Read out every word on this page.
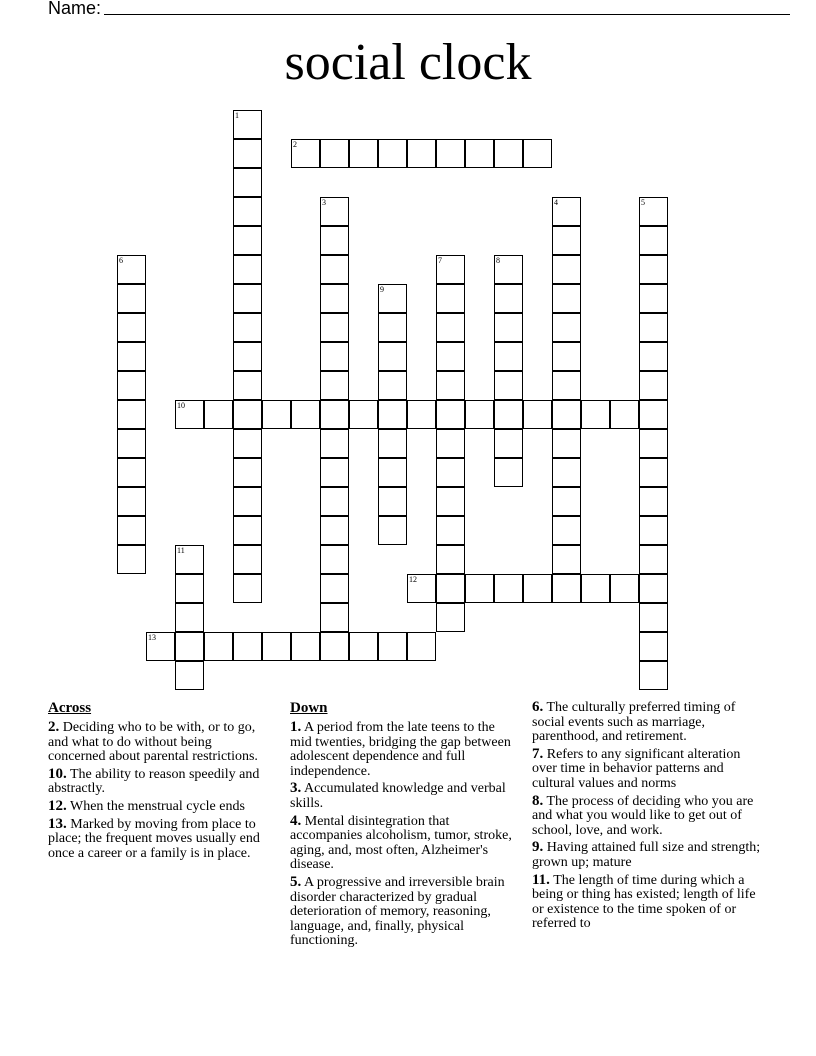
Name:
social clock
1
2
3	4	5
6	7	8
9
10
11
12
13
Across
2. Deciding who to be with, or to go, and what to do without being concerned about parental restrictions.
10. The ability to reason speedily and abstractly.
12. When the menstrual cycle ends
13. Marked by moving from place to place; the frequent moves usually end once a career or a family is in place.
Down
1. A period from the late teens to the mid twenties, bridging the gap between adolescent dependence and full independence.
3. Accumulated knowledge and verbal skills.
4. Mental disintegration that accompanies alcoholism, tumor, stroke, aging, and, most often, Alzheimer's disease.
5. A progressive and irreversible brain disorder characterized by gradual deterioration of memory, reasoning, language, and, finally, physical functioning.
6. The culturally preferred timing of social events such as marriage, parenthood, and retirement.
7. Refers to any significant alteration over time in behavior patterns and cultural values and norms
8. The process of deciding who you are and what you would like to get out of school, love, and work.
9. Having attained full size and strength; grown up; mature
11. The length of time during which a being or thing has existed; length of life or existence to the time spoken of or referred to
